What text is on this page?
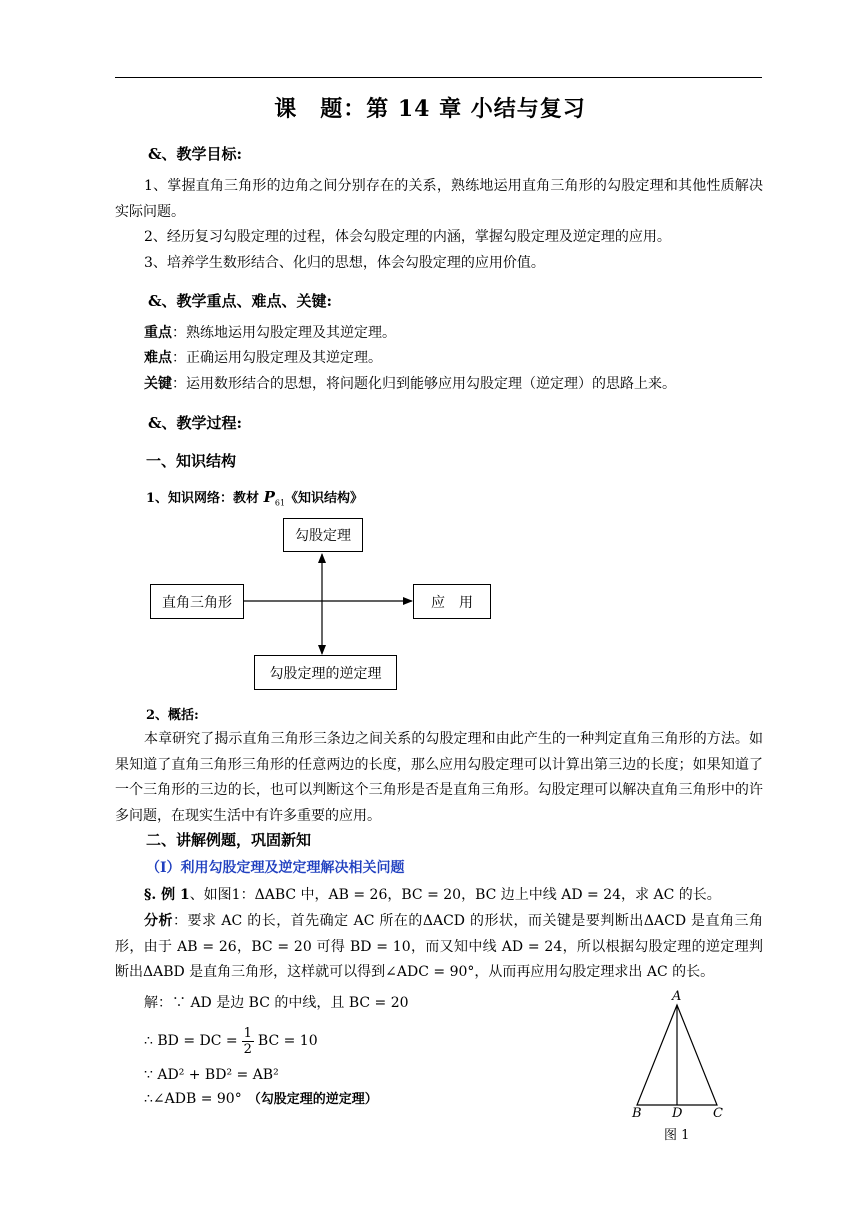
课　题：第 14 章 小结与复习
&、教学目标:
1、掌握直角三角形的边角之间分别存在的关系，熟练地运用直角三角形的勾股定理和其他性质解决实际问题。
2、经历复习勾股定理的过程，体会勾股定理的内涵，掌握勾股定理及逆定理的应用。
3、培养学生数形结合、化归的思想，体会勾股定理的应用价值。
&、教学重点、难点、关键:
重点：熟练地运用勾股定理及其逆定理。
难点：正确运用勾股定理及其逆定理。
关键：运用数形结合的思想，将问题化归到能够应用勾股定理（逆定理）的思路上来。
&、教学过程:
一、知识结构
1、知识网络：教材 $P_{61}$《知识结构》
勾股定理
直角三角形	应　用
勾股定理的逆定理
2、概括:
本章研究了揭示直角三角形三条边之间关系的勾股定理和由此产生的一种判定直角三角形的方法。如果知道了直角三角形三角形的任意两边的长度，那么应用勾股定理可以计算出第三边的长度；如果知道了一个三角形的三边的长，也可以判断这个三角形是否是直角三角形。勾股定理可以解决直角三角形中的许多问题，在现实生活中有许多重要的应用。
二、讲解例题，巩固新知
（Ⅰ）利用勾股定理及逆定理解决相关问题
§. 例 1、如图1：ΔABC 中，AB = 26，BC = 20，BC 边上中线 AD = 24，求 AC 的长。
分析：要求 AC 的长，首先确定 AC 所在的ΔACD 的形状，而关键是要判断出ΔACD 是直角三角形，由于 AB = 26，BC = 20 可得 BD = 10，而又知中线 AD = 24，所以根据勾股定理的逆定理判断出ΔABD 是直角三角形，这样就可以得到∠ADC = 90°，从而再应用勾股定理求出 AC 的长。
解：∵ AD 是边 BC 的中线，且 BC = 20
∴ BD = DC = $\frac{1}{2}$ BC = 10
∵ AD² + BD² = AB²
∴∠ADB = 90° （勾股定理的逆定理）
A
B D C
图 1
